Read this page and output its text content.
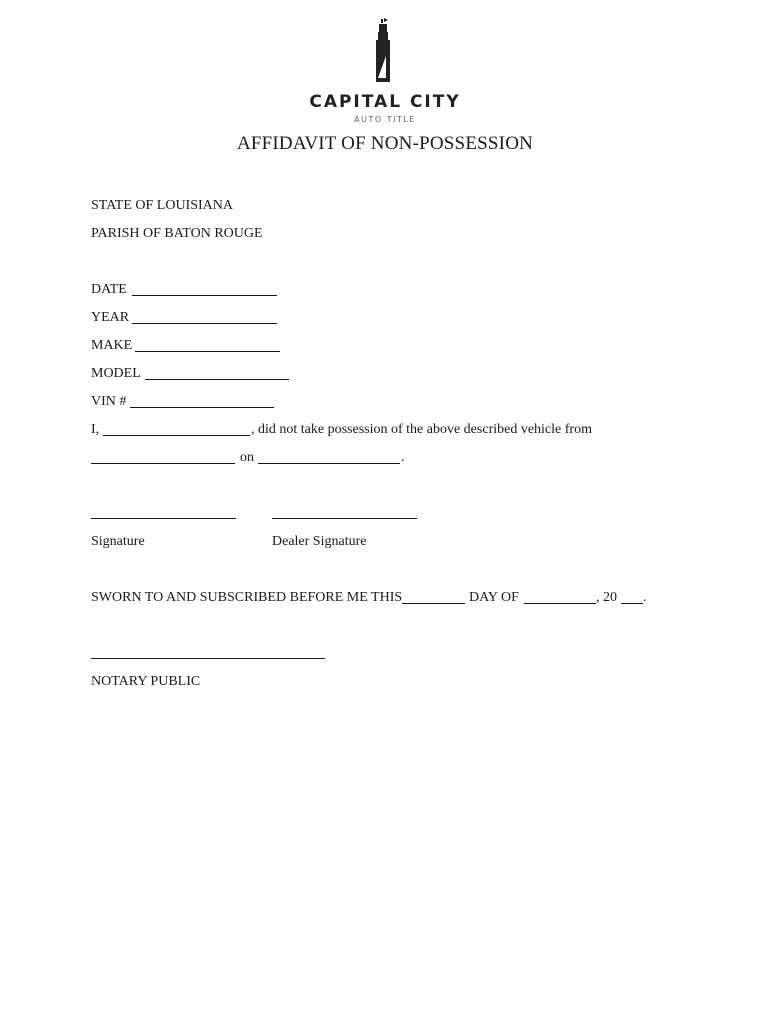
CAPITAL CITY
AUTO TITLE
AFFIDAVIT OF NON-POSSESSION
STATE OF LOUISIANA
PARISH OF BATON ROUGE
DATE
YEAR
MAKE
MODEL
VIN #
I,	, did not take possession of the above described vehicle from
on	.
Signature	Dealer Signature
SWORN TO AND SUBSCRIBED BEFORE ME THIS	DAY OF	, 20 .
NOTARY PUBLIC
